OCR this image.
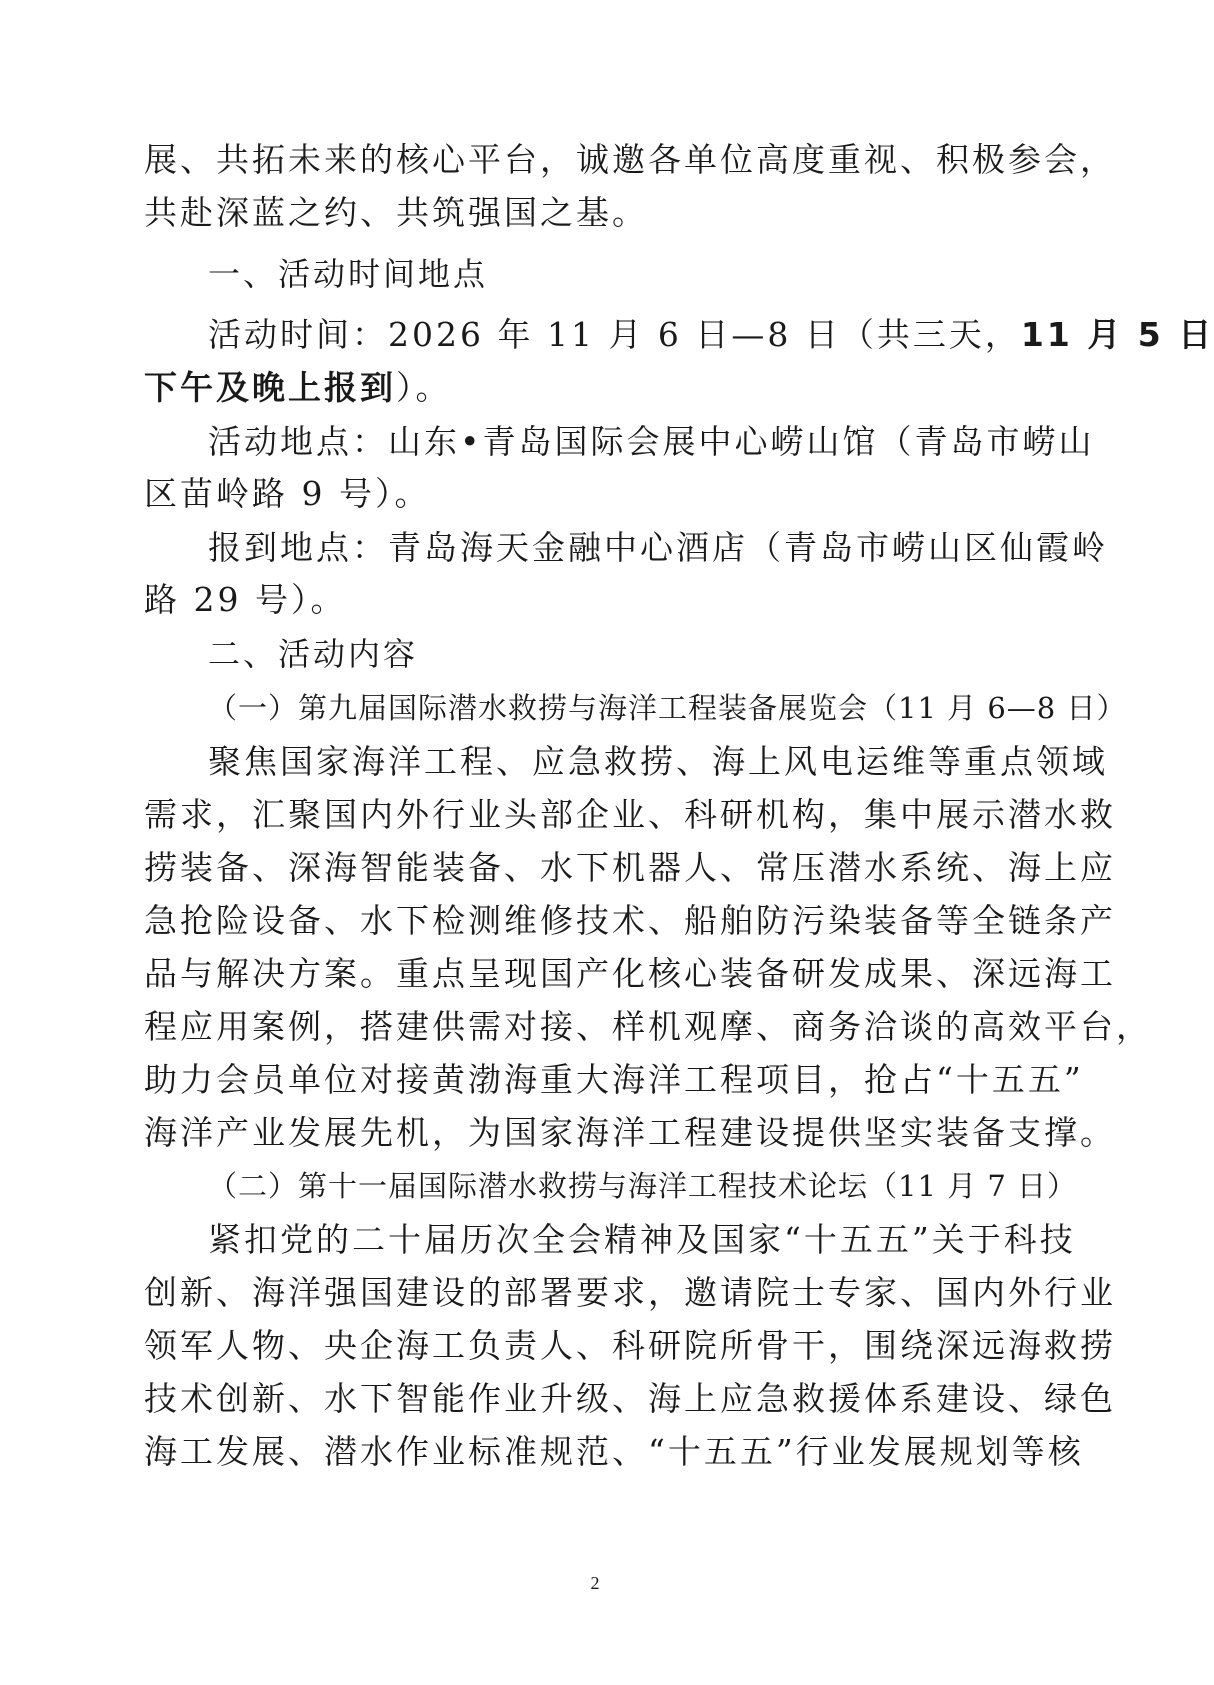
展、共拓未来的核心平台，诚邀各单位高度重视、积极参会，
共赴深蓝之约、共筑强国之基。
一、活动时间地点
活动时间：2026 年 11 月 6 日—8 日（共三天，11 月 5 日
下午及晚上报到）。
活动地点：山东•青岛国际会展中心崂山馆（青岛市崂山
区苗岭路 9 号）。
报到地点：青岛海天金融中心酒店（青岛市崂山区仙霞岭
路 29 号）。
二、活动内容
（一）第九届国际潜水救捞与海洋工程装备展览会（11 月 6—8 日）
聚焦国家海洋工程、应急救捞、海上风电运维等重点领域
需求，汇聚国内外行业头部企业、科研机构，集中展示潜水救
捞装备、深海智能装备、水下机器人、常压潜水系统、海上应
急抢险设备、水下检测维修技术、船舶防污染装备等全链条产
品与解决方案。重点呈现国产化核心装备研发成果、深远海工
程应用案例，搭建供需对接、样机观摩、商务洽谈的高效平台，
助力会员单位对接黄渤海重大海洋工程项目，抢占“十五五”
海洋产业发展先机，为国家海洋工程建设提供坚实装备支撑。
（二）第十一届国际潜水救捞与海洋工程技术论坛（11 月 7 日）
紧扣党的二十届历次全会精神及国家“十五五”关于科技
创新、海洋强国建设的部署要求，邀请院士专家、国内外行业
领军人物、央企海工负责人、科研院所骨干，围绕深远海救捞
技术创新、水下智能作业升级、海上应急救援体系建设、绿色
海工发展、潜水作业标准规范、“十五五”行业发展规划等核
2
